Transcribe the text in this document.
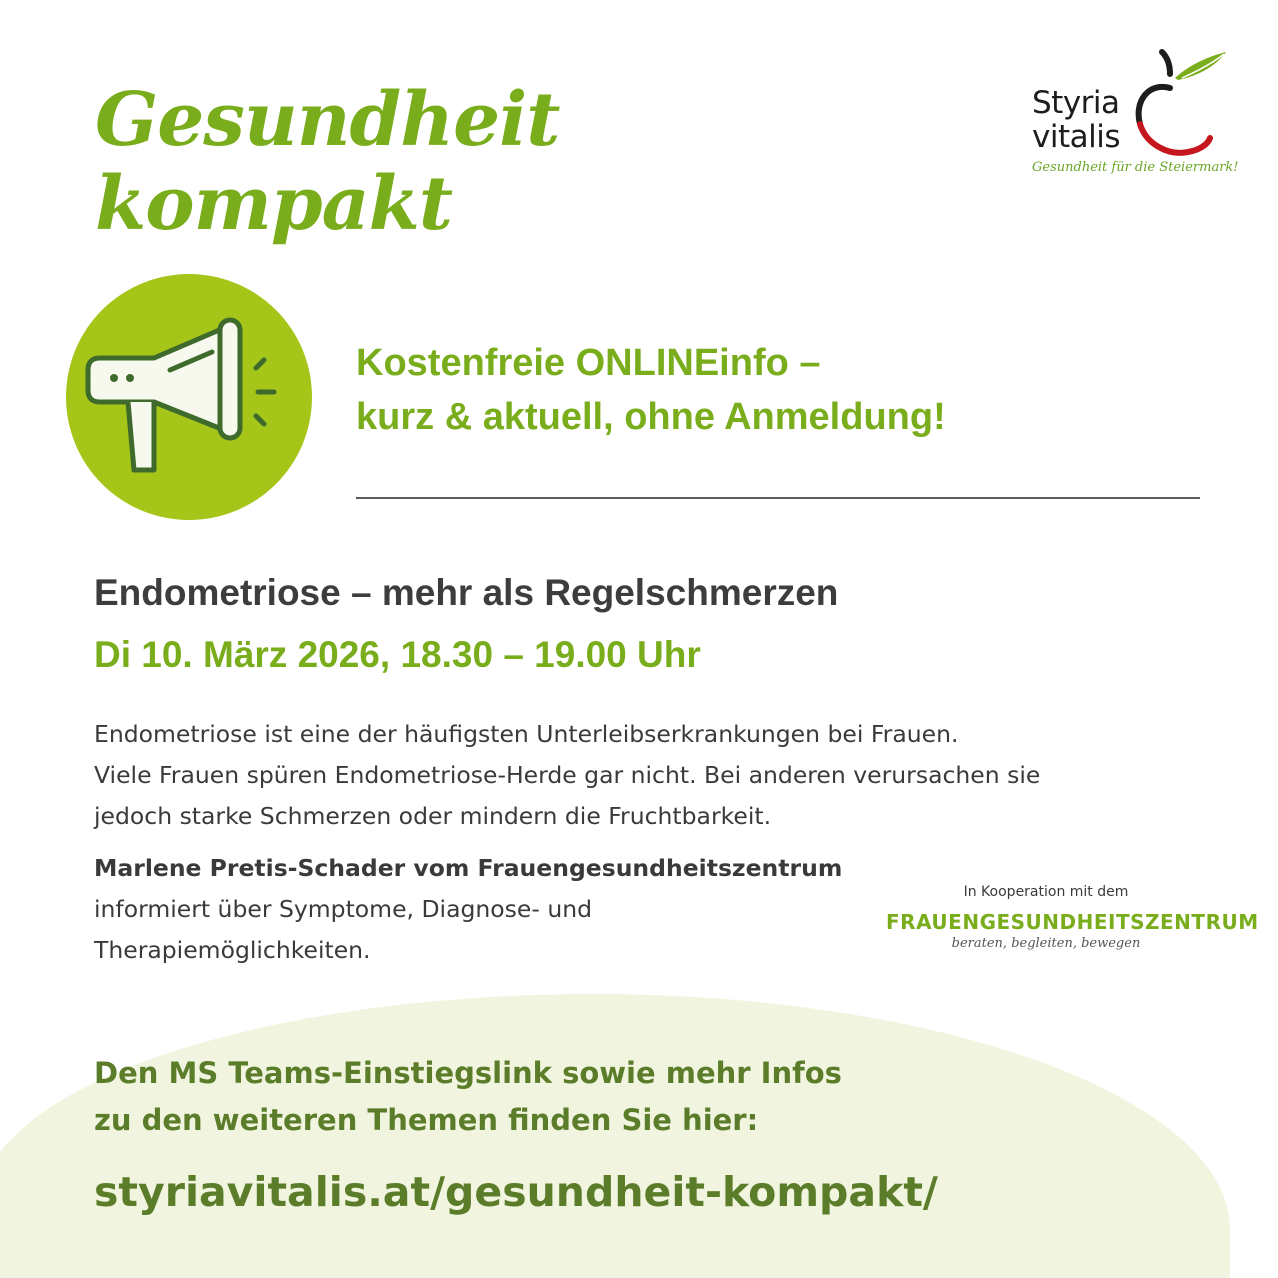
Gesundheit
kompakt
Styria
vitalis
Gesundheit für die Steiermark!
Kostenfreie ONLINEinfo –
kurz & aktuell, ohne Anmeldung!
Endometriose – mehr als Regelschmerzen
Di 10. März 2026, 18.30 – 19.00 Uhr
Endometriose ist eine der häufigsten Unterleibserkrankungen bei Frauen.
Viele Frauen spüren Endometriose-Herde gar nicht. Bei anderen verursachen sie
jedoch starke Schmerzen oder mindern die Fruchtbarkeit.
Marlene Pretis-Schader vom Frauengesundheitszentrum
informiert über Symptome, Diagnose- und
Therapiemöglichkeiten.
In Kooperation mit dem
FRAUENGESUNDHEITSZENTRUM
beraten, begleiten, bewegen
Den MS Teams-Einstiegslink sowie mehr Infos
zu den weiteren Themen finden Sie hier:
styriavitalis.at/gesundheit-kompakt/
